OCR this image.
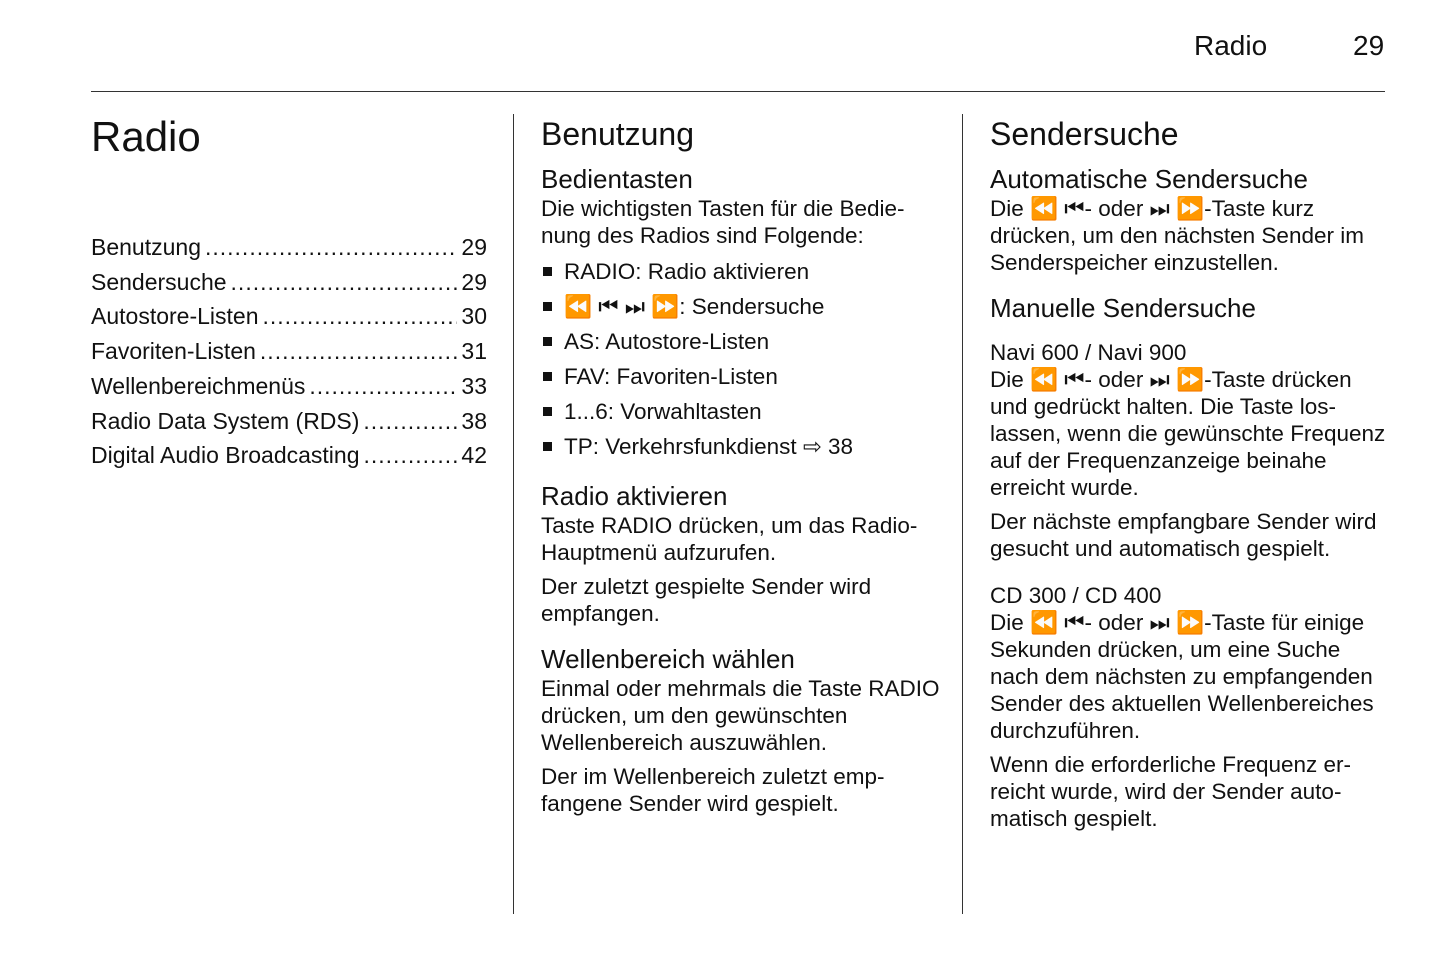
Radio	29
Radio
Benutzung .....	29
Sendersuche .....	29
Autostore-Listen .....	30
Favoriten-Listen .....	31
Wellenbereichmenüs .....	33
Radio Data System (RDS) .....	38
Digital Audio Broadcasting .....	42
Benutzung
Bedientasten

Die wichtigsten Tasten für die Bedienung des Radios sind Folgende:

RADIO: Radio aktivieren
⏪ ⏮ ⏭ ⏩: Sendersuche
AS: Autostore-Listen
FAV: Favoriten-Listen
1...6: Vorwahltasten
TP: Verkehrsfunkdienst ⇨ 38
Radio aktivieren

Taste RADIO drücken, um das Radio-Hauptmenü aufzurufen.

Der zuletzt gespielte Sender wird empfangen.

Wellenbereich wählen

Einmal oder mehrmals die Taste RADIO drücken, um den gewünschten Wellenbereich auszuwählen.

Der im Wellenbereich zuletzt empfangene Sender wird gespielt.

Sendersuche
Automatische Sendersuche

Die ⏪ ⏮- oder ⏭ ⏩-Taste kurz drücken, um den nächsten Sender im Senderspeicher einzustellen.

Manuelle Sendersuche
Navi 600 / Navi 900

Die ⏪ ⏮- oder ⏭ ⏩-Taste drücken und gedrückt halten. Die Taste loslassen, wenn die gewünschte Frequenz auf der Frequenzanzeige beinahe erreicht wurde.

Der nächste empfangbare Sender wird gesucht und automatisch gespielt.

CD 300 / CD 400

Die ⏪ ⏮- oder ⏭ ⏩-Taste für einige Sekunden drücken, um eine Suche nach dem nächsten zu empfangenden Sender des aktuellen Wellenbereiches durchzuführen.

Wenn die erforderliche Frequenz erreicht wurde, wird der Sender automatisch gespielt.
